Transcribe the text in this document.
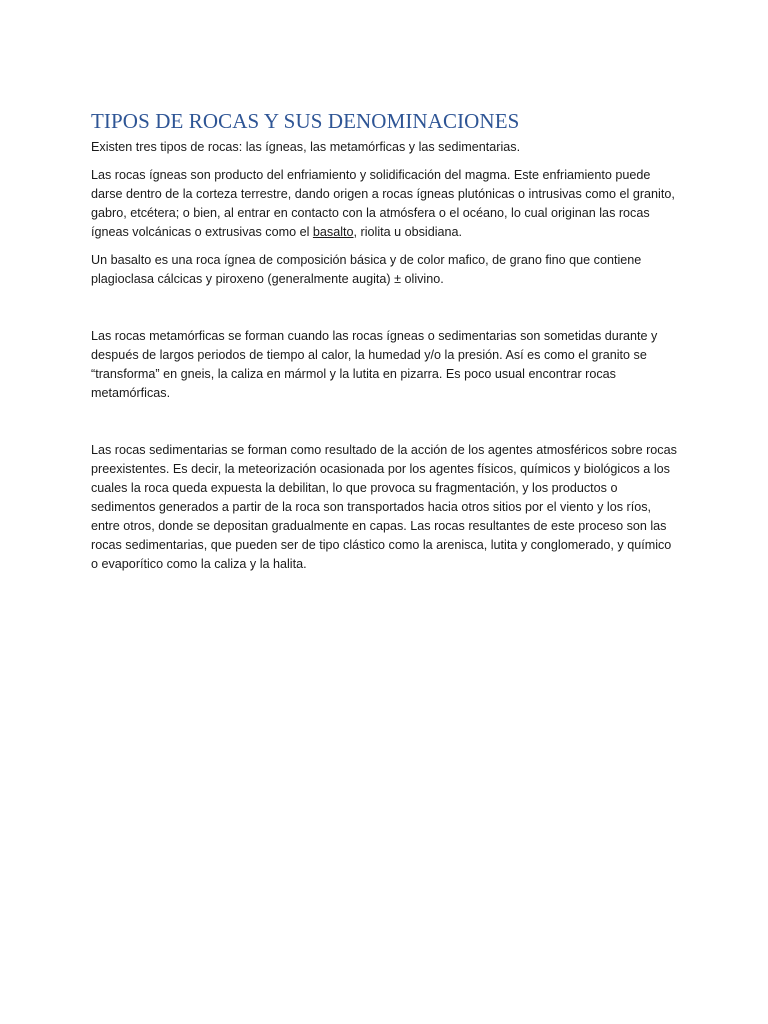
TIPOS DE ROCAS Y SUS DENOMINACIONES

Existen tres tipos de rocas: las ígneas, las metamórficas y las sedimentarias.

Las rocas ígneas son producto del enfriamiento y solidificación del magma. Este enfriamiento puede darse dentro de la corteza terrestre, dando origen a rocas ígneas plutónicas o intrusivas como el granito, gabro, etcétera; o bien, al entrar en contacto con la atmósfera o el océano, lo cual originan las rocas ígneas volcánicas o extrusivas como el basalto, riolita u obsidiana.

Un basalto es una roca ígnea de composición básica y de color mafico, de grano fino que contiene plagioclasa cálcicas y piroxeno (generalmente augita) ± olivino.

Las rocas metamórficas se forman cuando las rocas ígneas o sedimentarias son sometidas durante y después de largos periodos de tiempo al calor, la humedad y/o la presión. Así es como el granito se “transforma” en gneis, la caliza en mármol y la lutita en pizarra. Es poco usual encontrar rocas metamórficas.

Las rocas sedimentarias se forman como resultado de la acción de los agentes atmosféricos sobre rocas preexistentes. Es decir, la meteorización ocasionada por los agentes físicos, químicos y biológicos a los cuales la roca queda expuesta la debilitan, lo que provoca su fragmentación, y los productos o sedimentos generados a partir de la roca son transportados hacia otros sitios por el viento y los ríos, entre otros, donde se depositan gradualmente en capas. Las rocas resultantes de este proceso son las rocas sedimentarias, que pueden ser de tipo clástico como la arenisca, lutita y conglomerado, y químico o evaporítico como la caliza y la halita.
